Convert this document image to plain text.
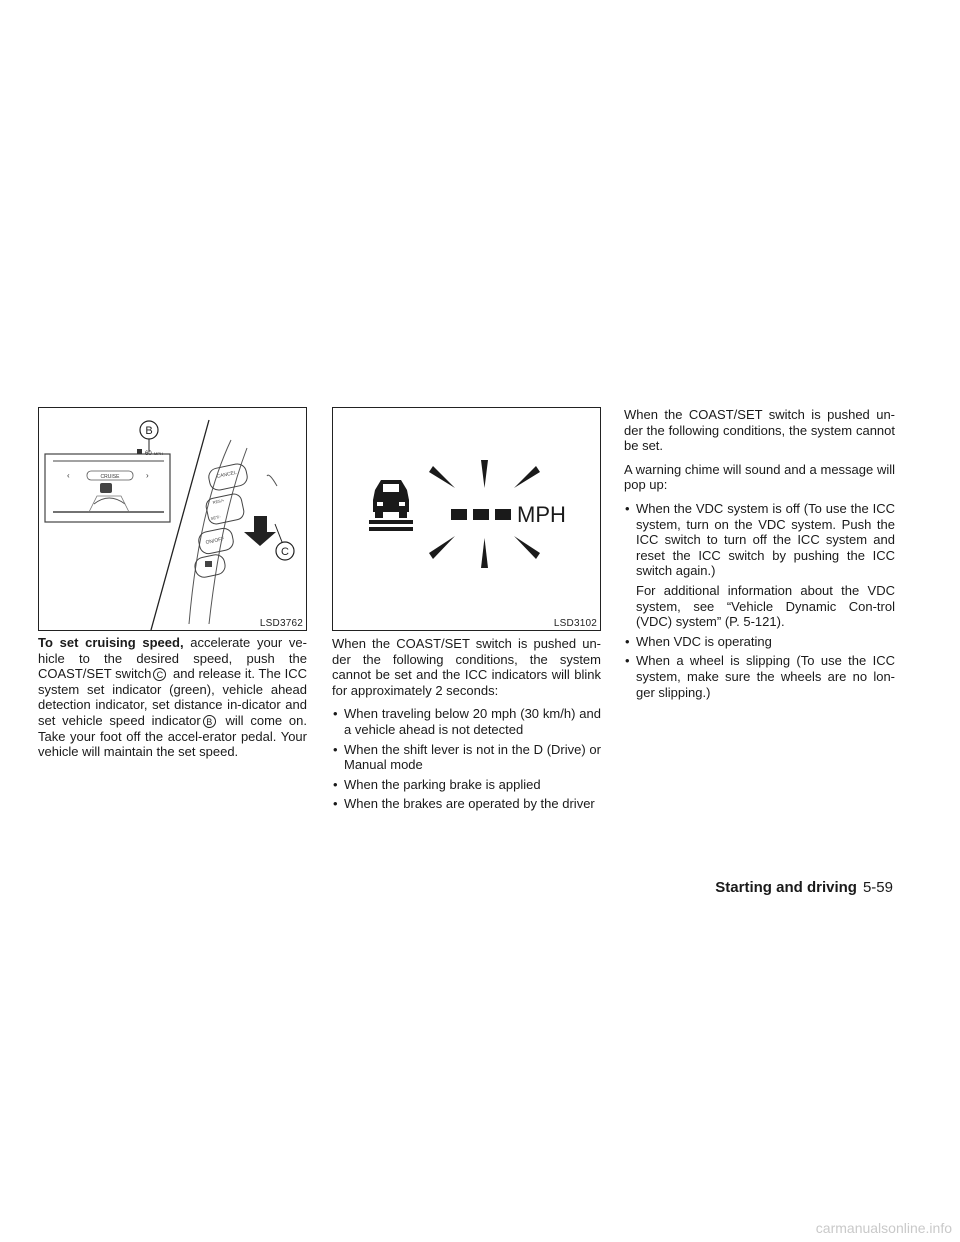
CRUISE
‹	›
60 MPH
B
CANCEL
RES/+
SET/-
ON/OFF
C
LSD3762
MPH
LSD3102

To set cruising speed, accelerate your ve-hicle to the desired speed, push the COAST/SET switch C and release it. The ICC system set indicator (green), vehicle ahead detection indicator, set distance in-dicator and set vehicle speed indicator B will come on. Take your foot off the accel-erator pedal. Your vehicle will maintain the set speed.

When the COAST/SET switch is pushed un-der the following conditions, the system cannot be set and the ICC indicators will blink for approximately 2 seconds:

• When traveling below 20 mph (30 km/h) and a vehicle ahead is not detected
• When the shift lever is not in the D (Drive) or Manual mode
• When the parking brake is applied
• When the brakes are operated by the driver

When the COAST/SET switch is pushed un-der the following conditions, the system cannot be set.

A warning chime will sound and a message will pop up:

• When the VDC system is off (To use the ICC system, turn on the VDC system. Push the ICC switch to turn off the ICC system and reset the ICC switch by pushing the ICC switch again.)
For additional information about the VDC system, see “Vehicle Dynamic Con-trol (VDC) system” (P. 5-121).
• When VDC is operating
• When a wheel is slipping (To use the ICC system, make sure the wheels are no lon-ger slipping.)
Starting and driving 5-59
carmanualsonline.info
